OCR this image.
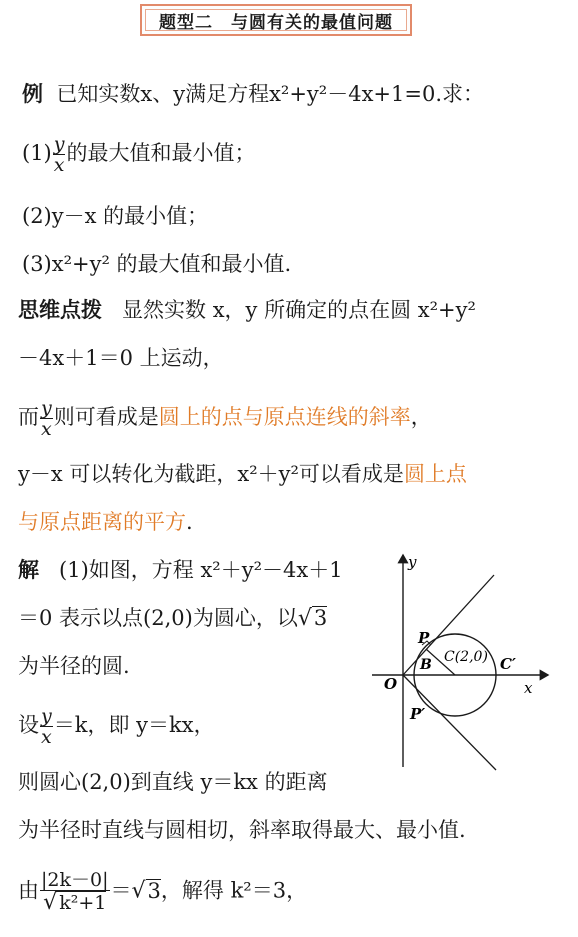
题型二　与圆有关的最值问题
例 已知实数x、y满足方程x²+y²－4x+1=0.求：
$(1) \frac{y}{x}$ 的最大值和最小值；
(2)y－x 的最小值；
(3)x²+y² 的最大值和最小值.
思维点拨 显然实数 x，y 所确定的点在圆 x²+y²
－4x＋1＝0 上运动，
而 $\frac{y}{x}$ 则可看成是圆上的点与原点连线的斜率，
y－x 可以转化为截距，x²＋y²可以看成是圆上点
与原点距离的平方.
解 (1)如图，方程 x²＋y²－4x＋1
＝0 表示以点(2,0)为圆心，以√3
为半径的圆.
设 $\frac{y}{x} =k$，即 y＝kx，
则圆心(2,0)到直线 y＝kx 的距离
为半径时直线与圆相切，斜率取得最大、最小值.
由 $\frac{|2k-0|}{\text{√ k²+1}} =√3$，解得 k²＝3，
y
x
O
P
B C(2,0) C′
P′
